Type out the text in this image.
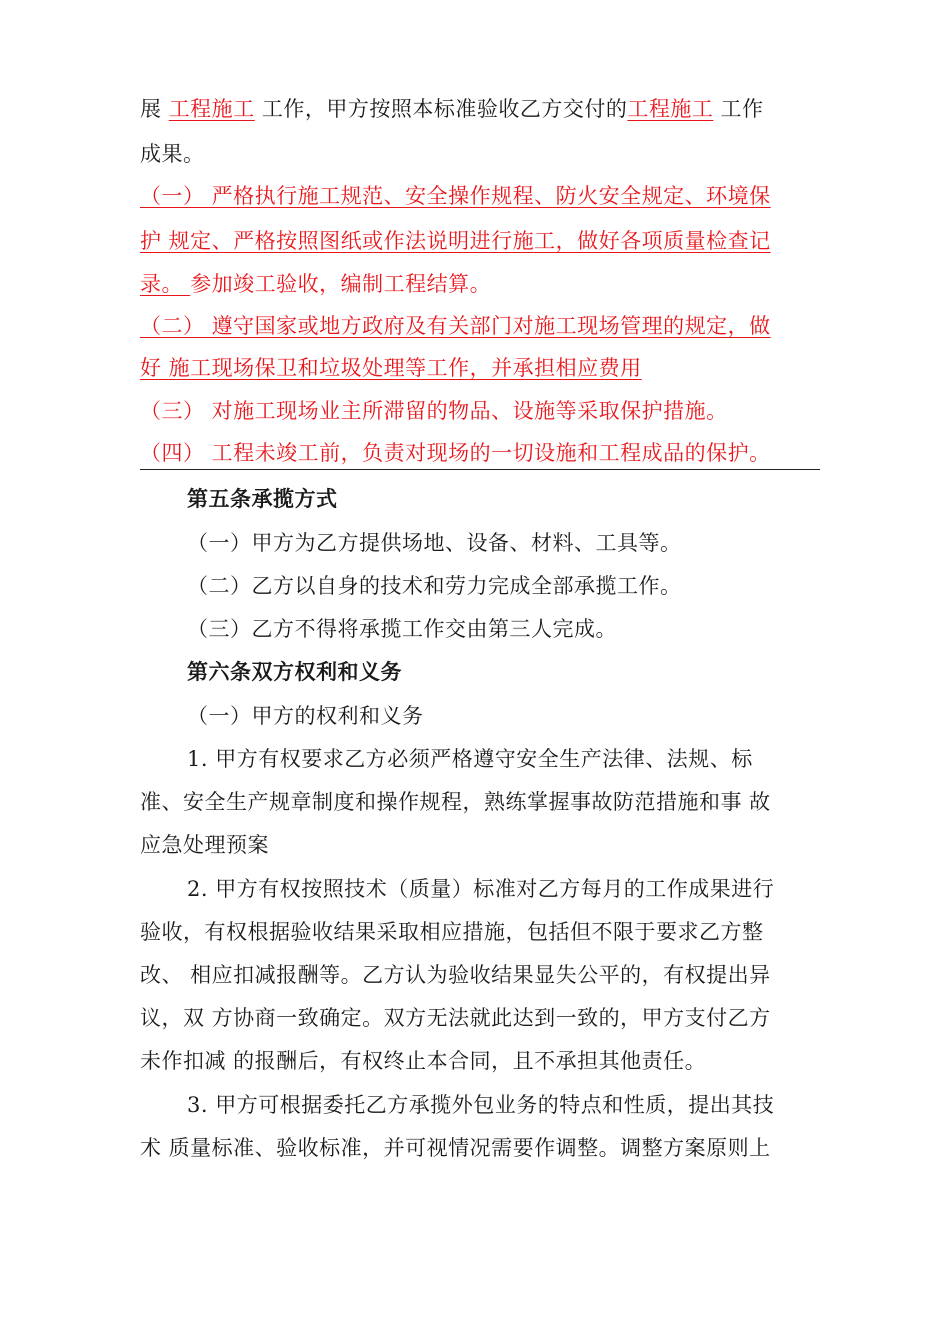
展 工程施工 工作，甲方按照本标准验收乙方交付的工程施工 工作
成果。
（一） 严格执行施工规范、安全操作规程、防火安全规定、环境保
护 规定、严格按照图纸或作法说明进行施工，做好各项质量检查记
录。 参加竣工验收，编制工程结算。
（二） 遵守国家或地方政府及有关部门对施工现场管理的规定，做
好 施工现场保卫和垃圾处理等工作，并承担相应费用
（三） 对施工现场业主所滞留的物品、设施等采取保护措施。
（四） 工程未竣工前，负责对现场的一切设施和工程成品的保护。
第五条承揽方式
（一）甲方为乙方提供场地、设备、材料、工具等。
（二）乙方以自身的技术和劳力完成全部承揽工作。
（三）乙方不得将承揽工作交由第三人完成。
第六条双方权利和义务
（一）甲方的权利和义务
1. 甲方有权要求乙方必须严格遵守安全生产法律、法规、标
准、安全生产规章制度和操作规程，熟练掌握事故防范措施和事 故
应急处理预案
2. 甲方有权按照技术（质量）标准对乙方每月的工作成果进行
验收，有权根据验收结果采取相应措施，包括但不限于要求乙方整
改、 相应扣减报酬等。乙方认为验收结果显失公平的，有权提出异
议，双 方协商一致确定。双方无法就此达到一致的，甲方支付乙方
未作扣减 的报酬后，有权终止本合同，且不承担其他责任。
3. 甲方可根据委托乙方承揽外包业务的特点和性质，提出其技
术 质量标准、验收标准，并可视情况需要作调整。调整方案原则上
